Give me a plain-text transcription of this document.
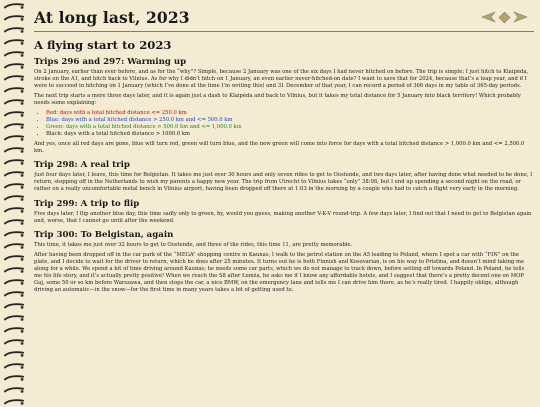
At long last, 2023
A flying start to 2023
Trips 296 and 297: Warming up

On 2 January, earlier than ever before, and as for the “why”? Simple, because 2 January was one of the six days I had never hitched on before. The trip is simple; I just hitch to Klaipėda, stroke on the A1, and hitch back to Vilnius. As for why I didn’t hitch on 1 January, an even earlier never-hitched-on date? I want to save that for 2024, because that’s a leap year, and if I were to succeed in hitching on 1 January (which I’ve done at the time I’m writing this) and 31 December of that year, I can record a period of 366 days in my table of 365-day periods.

The next trip starts a mere three days later, and it is again just a dash to Klaipėda and back to Vilnius, but it takes my total distance for 5 January into black territory! Which probably needs some explaining:

• Red: days with a total hitched distance <= 250.0 km
• Blue: days with a total hitched distance > 250.0 km and <= 500.0 km
• Green: days with a total hitched distance > 500.0 km and <= 1,000.0 km
• Black: days with a total hitched distance > 1000.0 km

And yes, once all red days are gone, blue will turn red, green will turn blue, and the new green will come into force for days with a total hitched distance > 1,000.0 km and <= 2,500.0 km.

Trip 298: A real trip

Just four days later, I leave, this time for Belgistan. It takes me just over 30 hours and only seven rides to get to Oostende, and two days later, after having done what needed to be done, I return, stopping off in the Netherlands to wish my parents a happy new year. The trip from Utrecht to Vilnius takes “only” 38:08, but I end up spending a second night on the road, or rather on a really uncomfortable metal bench in Vilnius airport, having been dropped off there at 1:03 in the morning by a couple who had to catch a flight very early in the morning.

Trip 299: A trip to flip

Five days later, I flip another blue day, this time sadly only to green, by, would you guess, making another V-K-V round-trip. A few days later, I find out that I need to get to Belgistan again and, worse, that I cannot go until after the weekend.

Trip 300: To Belgistan, again

This time, it takes me just over 32 hours to get to Oostende, and three of the rides, this time 11, are pretty memorable.

After having been dropped off in the car park of the “MEGA” shopping centre in Kaunas, I walk to the petrol station on the A5 leading to Poland, where I spot a car with “FIN” on the plate, and I decide to wait for the driver to return, which he does after 25 minutes. It turns out he is both Finnish and Kosovarian, is on his way to Pristina, and doesn’t mind taking me along for a while. We spend a bit of time driving around Kaunas; he needs some car parts, which we do not manage to track down, before setting off towards Poland. In Poland, he tells me his life story, and it’s actually pretty positive! When we reach the S8 after Łomża, he asks me if I know any affordable hotels, and I suggest that there’s a pretty decent one on MOP Gaj, some 50 or so km before Warszawa, and then stops the car, a nice BMW, on the emergency lane and tells me I can drive him there, as he’s really tired. I happily oblige, although driving an automatic—in the snow—for the first time in many years takes a bit of getting used to.
